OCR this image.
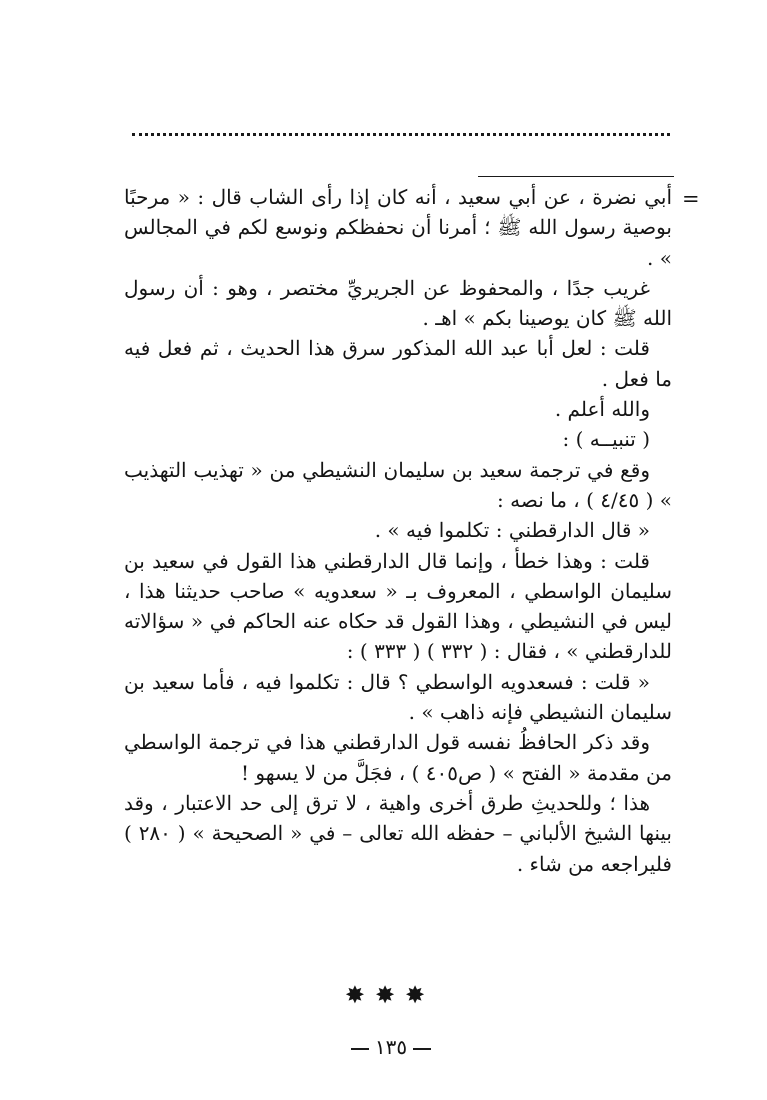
=

أبي نضرة ، عن أبي سعيد ، أنه كان إذا رأى الشاب قال : « مرحبًا بوصية رسول الله ﷺ ؛ أمرنا أن نحفظكم ونوسع لكم في المجالس » .

غريب جدًا ، والمحفوظ عن الجريريِّ مختصر ، وهو : أن رسول الله ﷺ كان يوصينا بكم » اهـ .

قلت : لعل أبا عبد الله المذكور سرق هذا الحديث ، ثم فعل فيه ما فعل .

والله أعلم .

( تنبيــه ) :

وقع في ترجمة سعيد بن سليمان النشيطي من « تهذيب التهذيب » ( ٤/٤٥ ) ، ما نصه :

« قال الدارقطني : تكلموا فيه » .

قلت : وهذا خطأ ، وإنما قال الدارقطني هذا القول في سعيد بن سليمان الواسطي ، المعروف بـ « سعدويه » صاحب حديثنا هذا ، ليس في النشيطي ، وهذا القول قد حكاه عنه الحاكم في « سؤالاته للدارقطني » ، فقال : ( ٣٣٢ ) ( ٣٣٣ ) :

« قلت : فسعدويه الواسطي ؟ قال : تكلموا فيه ، فأما سعيد بن سليمان النشيطي فإنه ذاهب » .

وقد ذكر الحافظُ نفسه قول الدارقطني هذا في ترجمة الواسطي من مقدمة « الفتح » ( ص٤٠٥ ) ، فجَلَّ من لا يسهو !

هذا ؛ وللحديثِ طرق أخرى واهية ، لا ترق إلى حد الاعتبار ، وقد بينها الشيخ الألباني – حفظه الله تعالى – في « الصحيحة » ( ٢٨٠ ) فليراجعه من شاء .

✸✸✸
١٣٥
